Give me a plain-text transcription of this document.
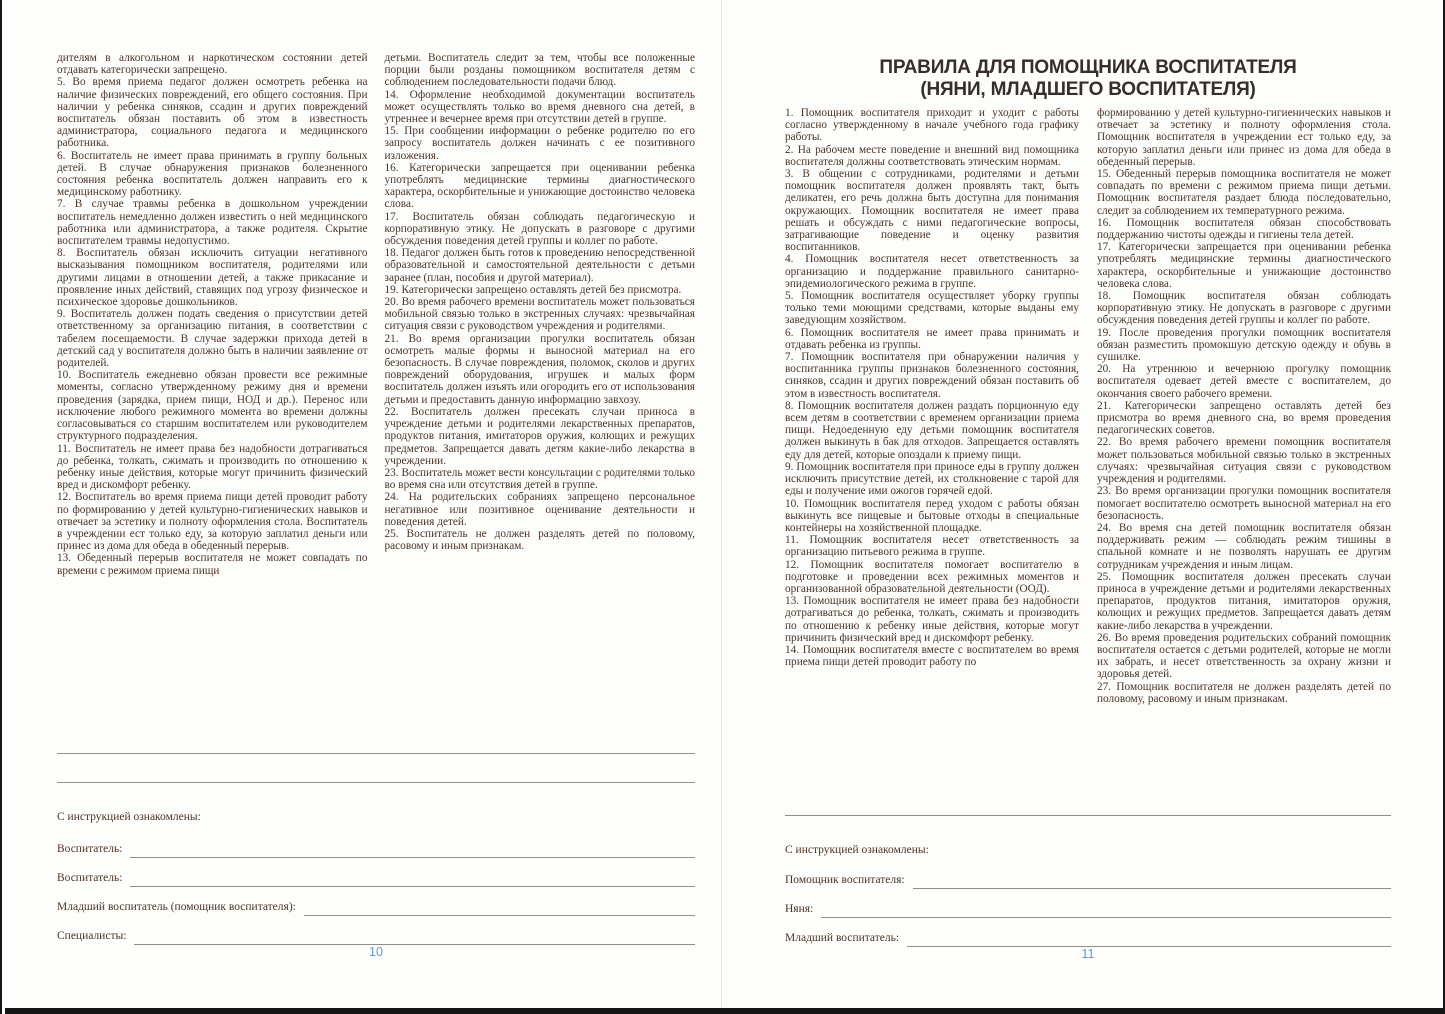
дителям в алкогольном и наркотическом состоянии детей отдавать категорически запрещено.

5. Во время приема педагог должен осмотреть ребенка на наличие физических повреждений, его общего состояния. При наличии у ребенка синяков, ссадин и других повреждений воспитатель обязан поставить об этом в известность администратора, социального педагога и медицинского работника.

6. Воспитатель не имеет права принимать в группу больных детей. В случае обнаружения признаков болезненного состояния ребенка воспитатель должен направить его к медицинскому работнику.

7. В случае травмы ребенка в дошкольном учреждении воспитатель немедленно должен известить о ней медицинского работника или администратора, а также родителя. Скрытие воспитателем травмы недопустимо.

8. Воспитатель обязан исключить ситуации негативного высказывания помощником воспитателя, родителями или другими лицами в отношении детей, а также прикасание и проявление иных действий, ставящих под угрозу физическое и психическое здоровье дошкольников.

9. Воспитатель должен подать сведения о присутствии детей ответственному за организацию питания, в соответствии с табелем посещаемости. В случае задержки прихода детей в детский сад у воспитателя должно быть в наличии заявление от родителей.

10. Воспитатель ежедневно обязан провести все режимные моменты, согласно утвержденному режиму дня и времени проведения (зарядка, прием пищи, НОД и др.). Перенос или исключение любого режимного момента во времени должны согласовываться со старшим воспитателем или руководителем структурного подразделения.

11. Воспитатель не имеет права без надобности дотрагиваться до ребенка, толкать, сжимать и производить по отношению к ребенку иные действия, которые могут причинить физический вред и дискомфорт ребенку.

12. Воспитатель во время приема пищи детей проводит работу по формированию у детей культурно-гигиенических навыков и отвечает за эстетику и полноту оформления стола. Воспитатель в учреждении ест только еду, за которую заплатил деньги или принес из дома для обеда в обеденный перерыв.

13. Обеденный перерыв воспитателя не может совпадать по времени с режимом приема пищи

детьми. Воспитатель следит за тем, чтобы все положенные порции были розданы помощником воспитателя детям с соблюдением последовательности подачи блюд.

14. Оформление необходимой документации воспитатель может осуществлять только во время дневного сна детей, в утреннее и вечернее время при отсутствии детей в группе.

15. При сообщении информации о ребенке родителю по его запросу воспитатель должен начинать с ее позитивного изложения.

16. Категорически запрещается при оценивании ребенка употреблять медицинские термины диагностического характера, оскорбительные и унижающие достоинство человека слова.

17. Воспитатель обязан соблюдать педагогическую и корпоративную этику. Не допускать в разговоре с другими обсуждения поведения детей группы и коллег по работе.

18. Педагог должен быть готов к проведению непосредственной образовательной и самостоятельной деятельности с детьми заранее (план, пособия и другой материал).

19. Категорически запрещено оставлять детей без присмотра.

20. Во время рабочего времени воспитатель может пользоваться мобильной связью только в экстренных случаях: чрезвычайная ситуация связи с руководством учреждения и родителями.

21. Во время организации прогулки воспитатель обязан осмотреть малые формы и выносной материал на его безопасность. В случае повреждения, поломок, сколов и других повреждений оборудования, игрушек и малых форм воспитатель должен изъять или огородить его от использования детьми и предоставить данную информацию завхозу.

22. Воспитатель должен пресекать случаи приноса в учреждение детьми и родителями лекарственных препаратов, продуктов питания, имитаторов оружия, колющих и режущих предметов. Запрещается давать детям какие-либо лекарства в учреждении.

23. Воспитатель может вести консультации с родителями только во время сна или отсутствия детей в группе.

24. На родительских собраниях запрещено персональное негативное или позитивное оценивание деятельности и поведения детей.

25. Воспитатель не должен разделять детей по половому, расовому и иным признакам.

С инструкцией ознакомлены:

Воспитатель:
Воспитатель:
Младший воспитатель (помощник воспитателя):
Специалисты:
10
ПРАВИЛА ДЛЯ ПОМОЩНИКА ВОСПИТАТЕЛЯ
(НЯНИ, МЛАДШЕГО ВОСПИТАТЕЛЯ)

1. Помощник воспитателя приходит и уходит с работы согласно утвержденному в начале учебного года графику работы.

2. На рабочем месте поведение и внешний вид помощника воспитателя должны соответствовать этическим нормам.

3. В общении с сотрудниками, родителями и детьми помощник воспитателя должен проявлять такт, быть деликатен, его речь должна быть доступна для понимания окружающих. Помощник воспитателя не имеет права решать и обсуждать с ними педагогические вопросы, затрагивающие поведение и оценку развития воспитанников.

4. Помощник воспитателя несет ответственность за организацию и поддержание правильного санитарно-эпидемиологического режима в группе.

5. Помощник воспитателя осуществляет уборку группы только теми моющими средствами, которые выданы ему заведующим хозяйством.

6. Помощник воспитателя не имеет права принимать и отдавать ребенка из группы.

7. Помощник воспитателя при обнаружении наличия у воспитанника группы признаков болезненного состояния, синяков, ссадин и других повреждений обязан поставить об этом в известность воспитателя.

8. Помощник воспитателя должен раздать порционную еду всем детям в соответствии с временем организации приема пищи. Недоеденную еду детьми помощник воспитателя должен выкинуть в бак для отходов. Запрещается оставлять еду для детей, которые опоздали к приему пищи.

9. Помощник воспитателя при приносе еды в группу должен исключить присутствие детей, их столкновение с тарой для еды и получение ими ожогов горячей едой.

10. Помощник воспитателя перед уходом с работы обязан выкинуть все пищевые и бытовые отходы в специальные контейнеры на хозяйственной площадке.

11. Помощник воспитателя несет ответственность за организацию питьевого режима в группе.

12. Помощник воспитателя помогает воспитателю в подготовке и проведении всех режимных моментов и организованной образовательной деятельности (ООД).

13. Помощник воспитателя не имеет права без надобности дотрагиваться до ребенка, толкать, сжимать и производить по отношению к ребенку иные действия, которые могут причинить физический вред и дискомфорт ребенку.

14. Помощник воспитателя вместе с воспитателем во время приема пищи детей проводит работу по

формированию у детей культурно-гигиенических навыков и отвечает за эстетику и полноту оформления стола. Помощник воспитателя в учреждении ест только еду, за которую заплатил деньги или принес из дома для обеда в обеденный перерыв.

15. Обеденный перерыв помощника воспитателя не может совпадать по времени с режимом приема пищи детьми. Помощник воспитателя раздает блюда последовательно, следит за соблюдением их температурного режима.

16. Помощник воспитателя обязан способствовать поддержанию чистоты одежды и гигиены тела детей.

17. Категорически запрещается при оценивании ребенка употреблять медицинские термины диагностического характера, оскорбительные и унижающие достоинство человека слова.

18. Помощник воспитателя обязан соблюдать корпоративную этику. Не допускать в разговоре с другими обсуждения поведения детей группы и коллег по работе.

19. После проведения прогулки помощник воспитателя обязан разместить промокшую детскую одежду и обувь в сушилке.

20. На утреннюю и вечернюю прогулку помощник воспитателя одевает детей вместе с воспитателем, до окончания своего рабочего времени.

21. Категорически запрещено оставлять детей без присмотра во время дневного сна, во время проведения педагогических советов.

22. Во время рабочего времени помощник воспитателя может пользоваться мобильной связью только в экстренных случаях: чрезвычайная ситуация связи с руководством учреждения и родителями.

23. Во время организации прогулки помощник воспитателя помогает воспитателю осмотреть выносной материал на его безопасность.

24. Во время сна детей помощник воспитателя обязан поддерживать режим — соблюдать режим тишины в спальной комнате и не позволять нарушать ее другим сотрудникам учреждения и иным лицам.

25. Помощник воспитателя должен пресекать случаи приноса в учреждение детьми и родителями лекарственных препаратов, продуктов питания, имитаторов оружия, колющих и режущих предметов. Запрещается давать детям какие-либо лекарства в учреждении.

26. Во время проведения родительских собраний помощник воспитателя остается с детьми родителей, которые не могли их забрать, и несет ответственность за охрану жизни и здоровья детей.

27. Помощник воспитателя не должен разделять детей по половому, расовому и иным признакам.

С инструкцией ознакомлены:

Помощник воспитателя:
Няня:
Младший воспитатель:
11
